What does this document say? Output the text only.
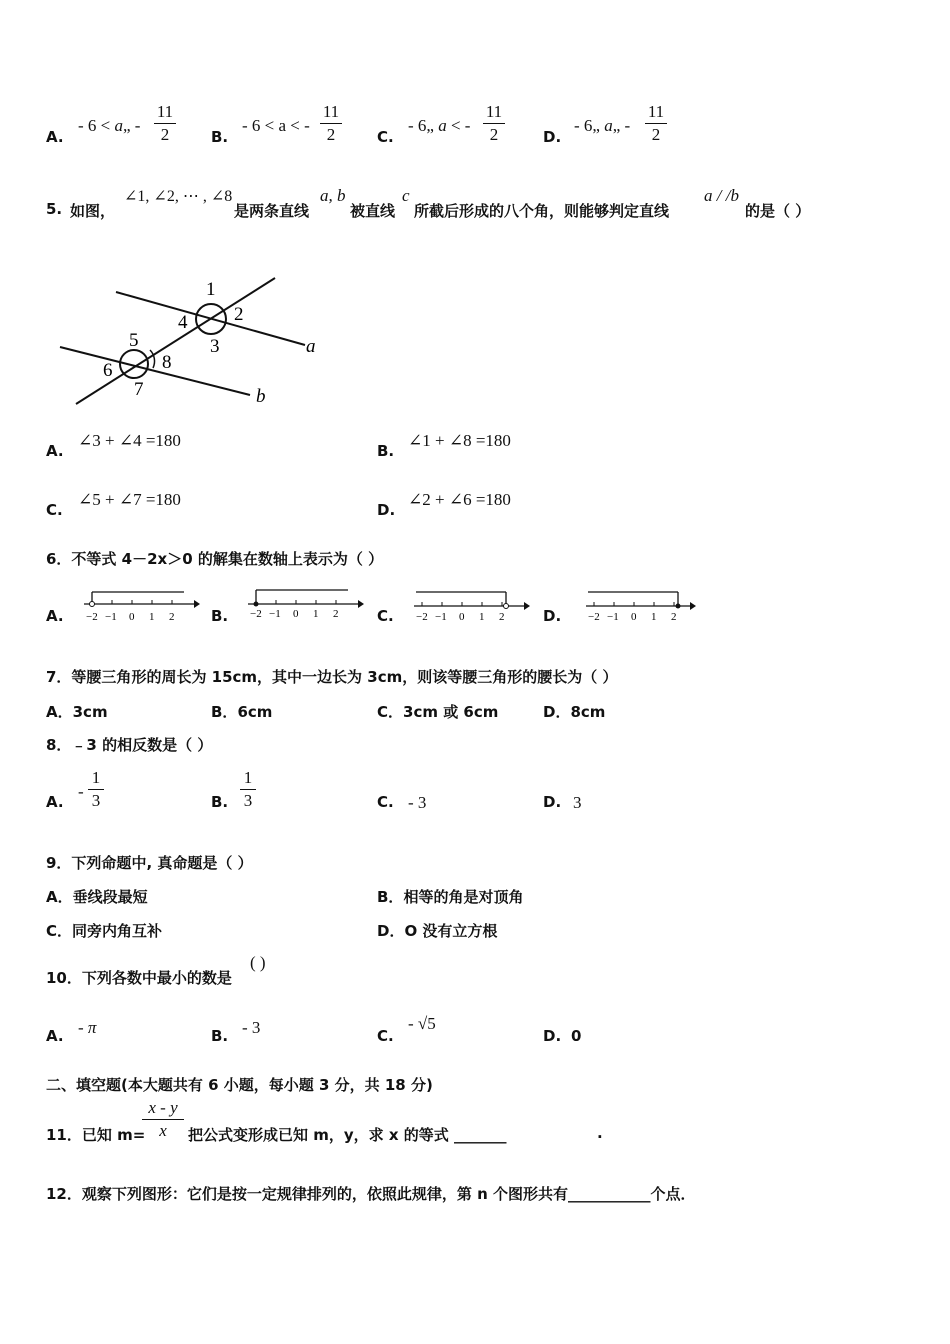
A.
- 6 < a„ -
11
2	B.
- 6 < a < -
11
2	C.
- 6„ a < -
11
2	D.
- 6„ a„ -
11
2
5. 如图，
∠1, ∠2, ⋯ , ∠8
是两条直线
a, b
被直线
c
所截后形成的八个角，则能够判定直线
a / /b
的是（ ）
1
2
3
4
5
6
7
8
a
b
A.
∠3 + ∠4 =180
B.
∠1 + ∠8 =180
C.
∠5 + ∠7 =180
D.
∠2 + ∠6 =180
6．不等式 4－2x＞0 的解集在数轴上表示为（ ）
A. −2 −1 0 1 2 B. −2 −1 0 1 2	C. −2 −1 0 1 2	D. −2 −1 0 1 2
7．等腰三角形的周长为 15cm，其中一边长为 3cm，则该等腰三角形的腰长为（ ）
A．3cm	B．6cm	C．3cm 或 6cm	D．8cm
8．﹣3 的相反数是（ ）
A.
-
1
3	B.
1
3	C. - 3	D. 3
9．下列命题中, 真命题是（ ）
A．垂线段最短	B．相等的角是对顶角
C．同旁内角互补	D．O 没有立方根
10．下列各数中最小的数是
( )
A. - π	B. - 3	C.
- √5
D. 0
二、填空题(本大题共有 6 小题，每小题 3 分，共 18 分)
11．已知 m=
x - y
x	把公式变形成已知 m，y，求 x 的等式 _______	.
12．观察下列图形：它们是按一定规律排列的，依照此规律，第 n 个图形共有___________个点．
